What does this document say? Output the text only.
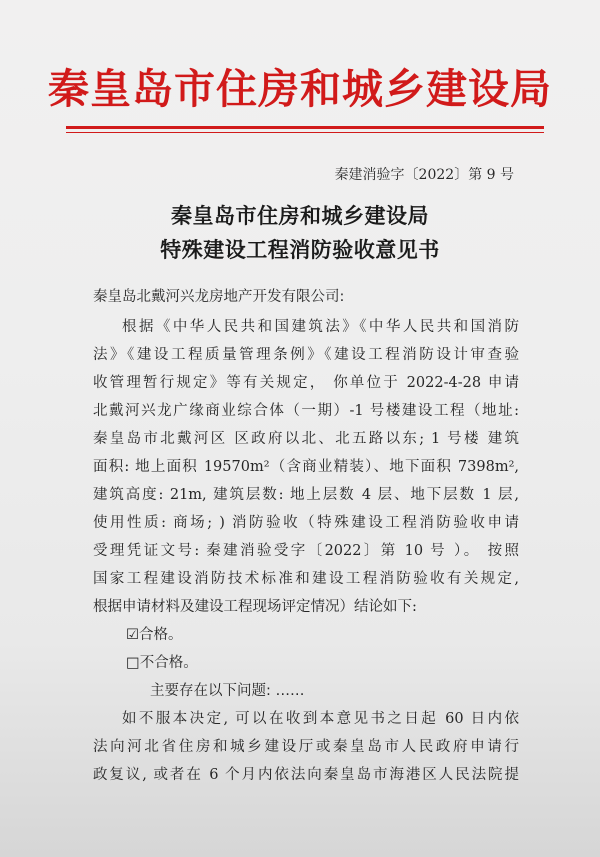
秦皇岛市住房和城乡建设局
秦建消验字〔2022〕第 9 号
秦皇岛市住房和城乡建设局
特殊建设工程消防验收意见书
秦皇岛北戴河兴龙房地产开发有限公司:
根据《中华人民共和国建筑法》《中华人民共和国消防
法》《建设工程质量管理条例》《建设工程消防设计审查验
收管理暂行规定》等有关规定， 你单位于 2022-4-28 申请
北戴河兴龙广缘商业综合体（一期）-1 号楼建设工程（地址:
秦皇岛市北戴河区 区政府以北、北五路以东; 1 号楼 建筑
面积: 地上面积 19570m²（含商业精装）、地下面积 7398m²,
建筑高度: 21m, 建筑层数: 地上层数 4 层、地下层数 1 层,
使用性质: 商场; ) 消防验收（特殊建设工程消防验收申请
受理凭证文号: 秦建消验受字〔2022〕第 10 号 ）。 按照
国家工程建设消防技术标准和建设工程消防验收有关规定,
根据申请材料及建设工程现场评定情况）结论如下:
☑合格。
□不合格。
主要存在以下问题: ……
如不服本决定, 可以在收到本意见书之日起 60 日内依
法向河北省住房和城乡建设厅或秦皇岛市人民政府申请行
政复议, 或者在 6 个月内依法向秦皇岛市海港区人民法院提
